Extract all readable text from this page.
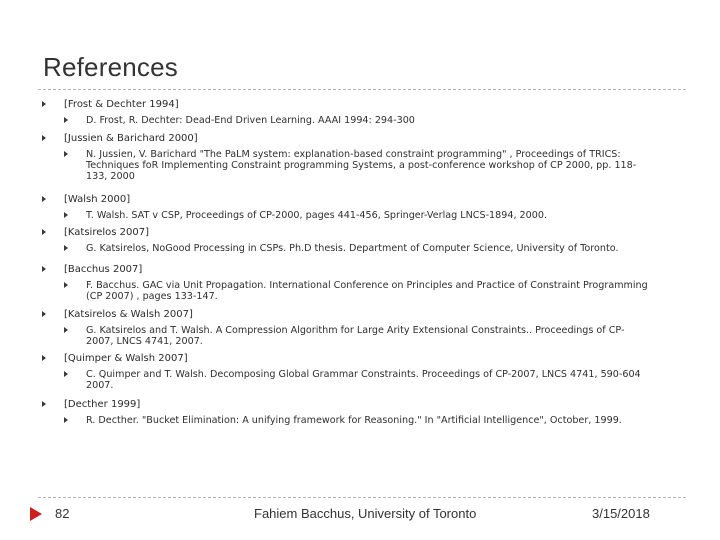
References
[Frost & Dechter 1994]
D. Frost, R. Dechter: Dead-End Driven Learning. AAAI 1994: 294-300
[Jussien & Barichard 2000]
N. Jussien, V. Barichard "The PaLM system: explanation-based constraint programming" , Proceedings of TRICS: Techniques foR Implementing Constraint programming Systems, a post-conference workshop of CP 2000, pp. 118-133, 2000
[Walsh 2000]
T. Walsh. SAT v CSP, Proceedings of CP-2000, pages 441-456, Springer-Verlag LNCS-1894, 2000.
[Katsirelos 2007]
G. Katsirelos, NoGood Processing in CSPs. Ph.D thesis. Department of Computer Science, University of Toronto.
[Bacchus 2007]
F. Bacchus. GAC via Unit Propagation. International Conference on Principles and Practice of Constraint Programming (CP 2007) , pages 133-147.
[Katsirelos & Walsh 2007]
G. Katsirelos and T. Walsh. A Compression Algorithm for Large Arity Extensional Constraints.. Proceedings of CP-2007, LNCS 4741, 2007.
[Quimper & Walsh 2007]
C. Quimper and T. Walsh. Decomposing Global Grammar Constraints. Proceedings of CP-2007, LNCS 4741, 590-604 2007.
[Decther 1999]
R. Decther. "Bucket Elimination: A unifying framework for Reasoning." In "Artificial Intelligence", October, 1999.
82	Fahiem Bacchus, University of Toronto	3/15/2018
